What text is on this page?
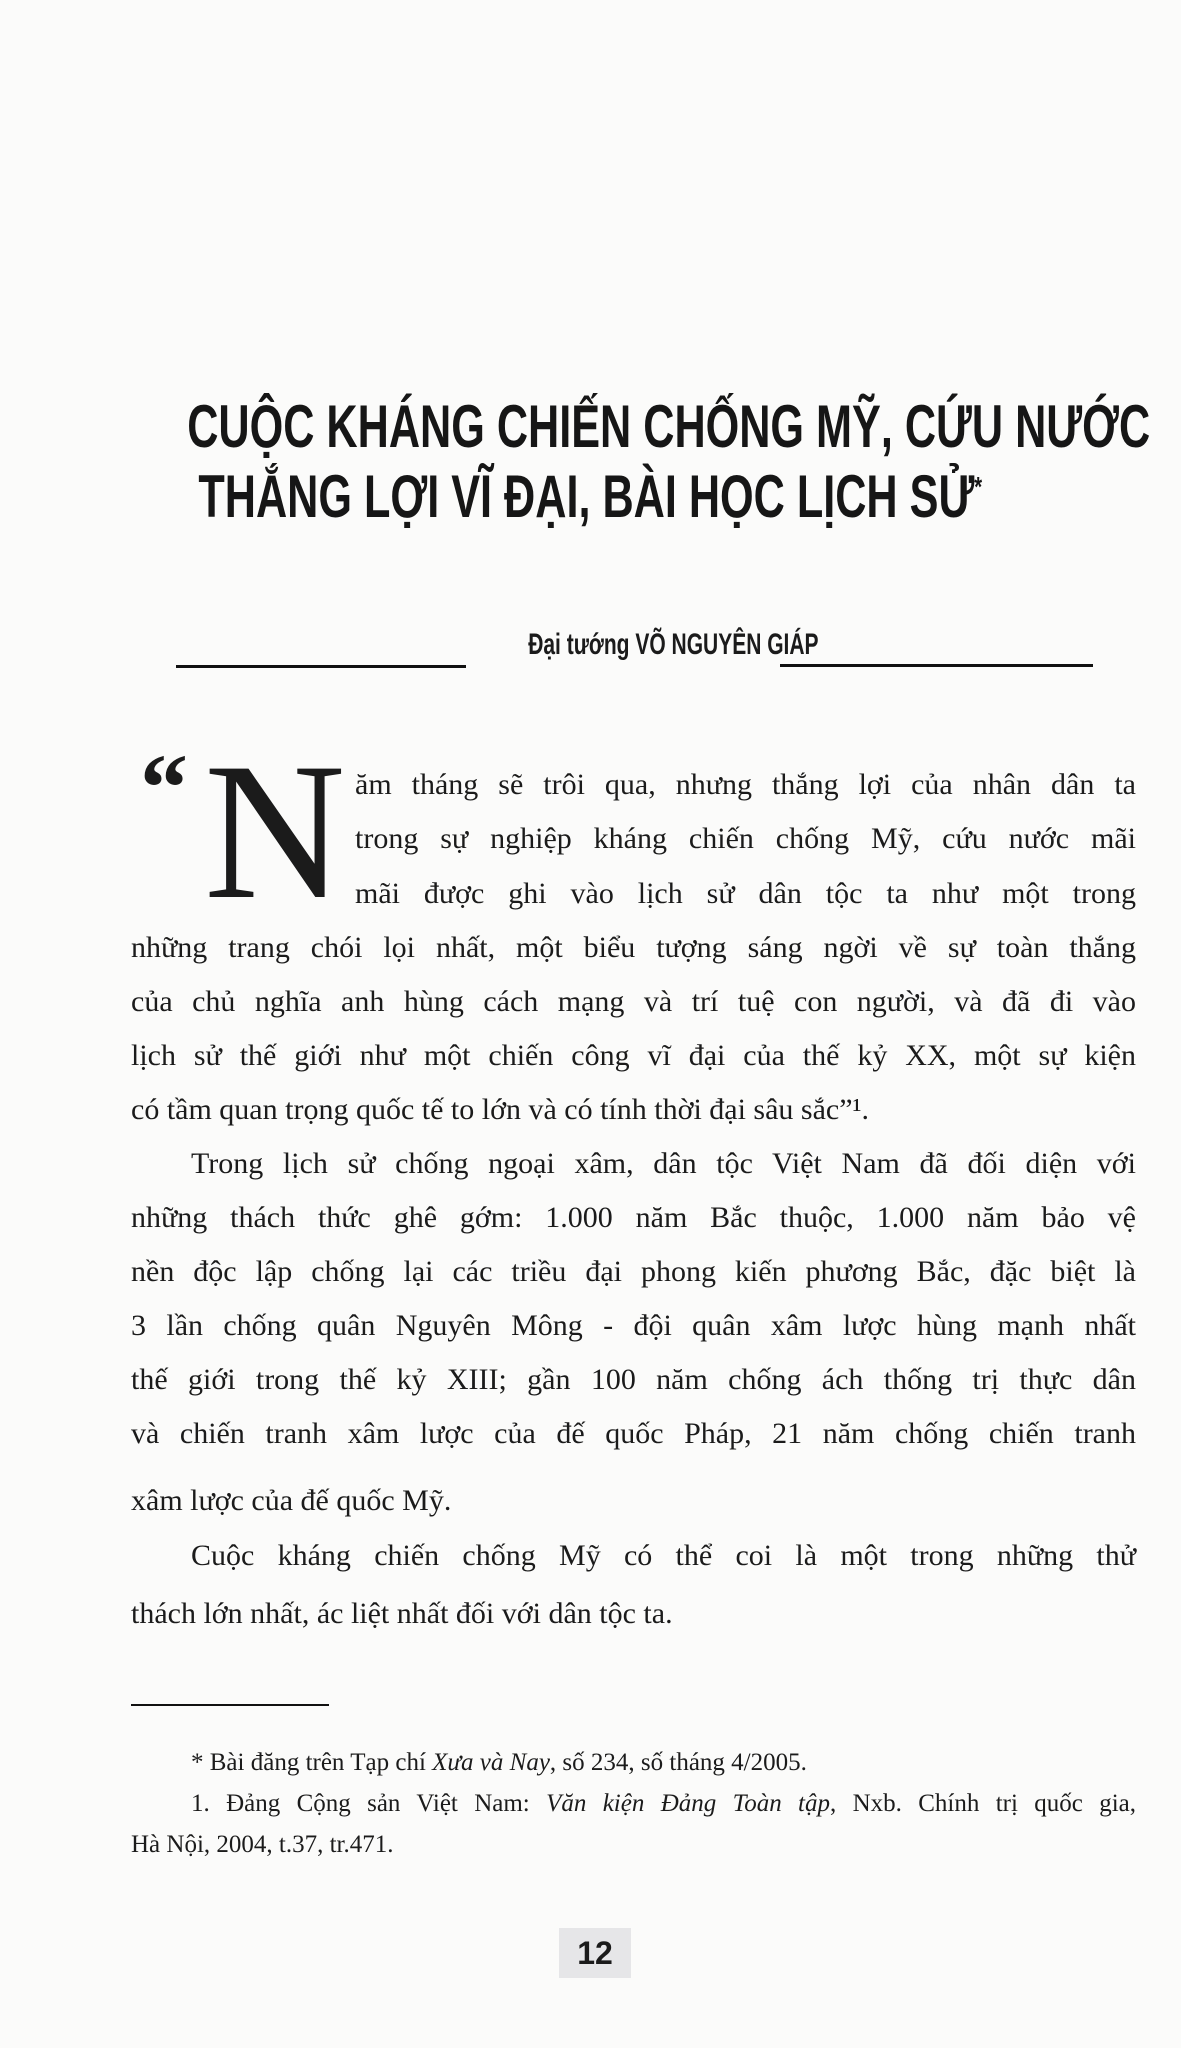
CUỘC KHÁNG CHIẾN CHỐNG MỸ, CỨU NƯỚC
THẮNG LỢI VĨ ĐẠI, BÀI HỌC LỊCH SỬ*
Đại tướng VÕ NGUYÊN GIÁP
“ N ăm tháng sẽ trôi qua, nhưng thắng lợi của nhân dân ta
trong sự nghiệp kháng chiến chống Mỹ, cứu nước mãi
mãi được ghi vào lịch sử dân tộc ta như một trong
những trang chói lọi nhất, một biểu tượng sáng ngời về sự toàn thắng
của chủ nghĩa anh hùng cách mạng và trí tuệ con người, và đã đi vào
lịch sử thế giới như một chiến công vĩ đại của thế kỷ XX, một sự kiện
có tầm quan trọng quốc tế to lớn và có tính thời đại sâu sắc”¹.
Trong lịch sử chống ngoại xâm, dân tộc Việt Nam đã đối diện với
những thách thức ghê gớm: 1.000 năm Bắc thuộc, 1.000 năm bảo vệ
nền độc lập chống lại các triều đại phong kiến phương Bắc, đặc biệt là
3 lần chống quân Nguyên Mông - đội quân xâm lược hùng mạnh nhất
thế giới trong thế kỷ XIII; gần 100 năm chống ách thống trị thực dân
và chiến tranh xâm lược của đế quốc Pháp, 21 năm chống chiến tranh
xâm lược của đế quốc Mỹ.
Cuộc kháng chiến chống Mỹ có thể coi là một trong những thử
thách lớn nhất, ác liệt nhất đối với dân tộc ta.
* Bài đăng trên Tạp chí Xưa và Nay, số 234, số tháng 4/2005.
1. Đảng Cộng sản Việt Nam: Văn kiện Đảng Toàn tập, Nxb. Chính trị quốc gia,
Hà Nội, 2004, t.37, tr.471.
12
